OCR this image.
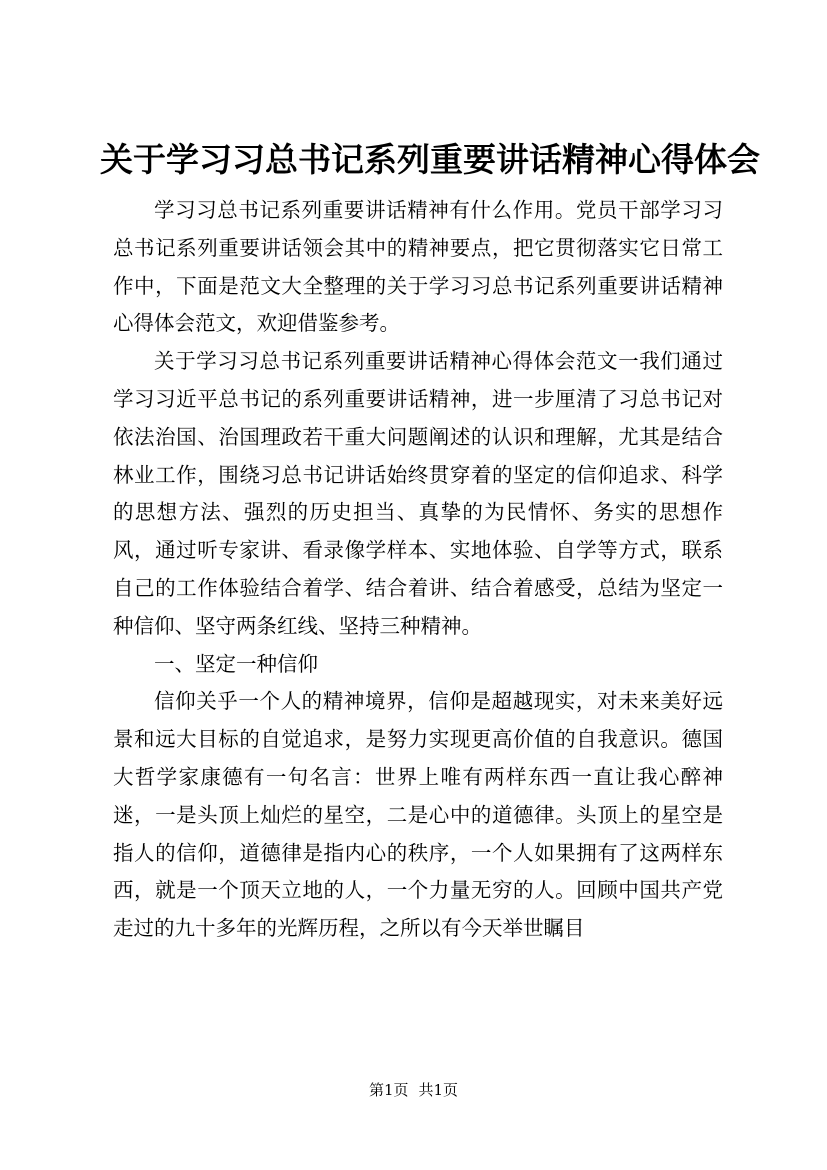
关于学习习总书记系列重要讲话精神心得体会

学习习总书记系列重要讲话精神有什么作用。党员干部学习习总书记系列重要讲话领会其中的精神要点，把它贯彻落实它日常工作中，下面是范文大全整理的关于学习习总书记系列重要讲话精神心得体会范文，欢迎借鉴参考。

关于学习习总书记系列重要讲话精神心得体会范文一我们通过学习习近平总书记的系列重要讲话精神，进一步厘清了习总书记对依法治国、治国理政若干重大问题阐述的认识和理解，尤其是结合林业工作，围绕习总书记讲话始终贯穿着的坚定的信仰追求、科学的思想方法、强烈的历史担当、真挚的为民情怀、务实的思想作风，通过听专家讲、看录像学样本、实地体验、自学等方式，联系自己的工作体验结合着学、结合着讲、结合着感受，总结为坚定一种信仰、坚守两条红线、坚持三种精神。

一、坚定一种信仰

信仰关乎一个人的精神境界，信仰是超越现实，对未来美好远景和远大目标的自觉追求，是努力实现更高价值的自我意识。德国大哲学家康德有一句名言：世界上唯有两样东西一直让我心醉神迷，一是头顶上灿烂的星空，二是心中的道德律。头顶上的星空是指人的信仰，道德律是指内心的秩序，一个人如果拥有了这两样东西，就是一个顶天立地的人，一个力量无穷的人。回顾中国共产党走过的九十多年的光辉历程，之所以有今天举世瞩目

第1页 共1页
